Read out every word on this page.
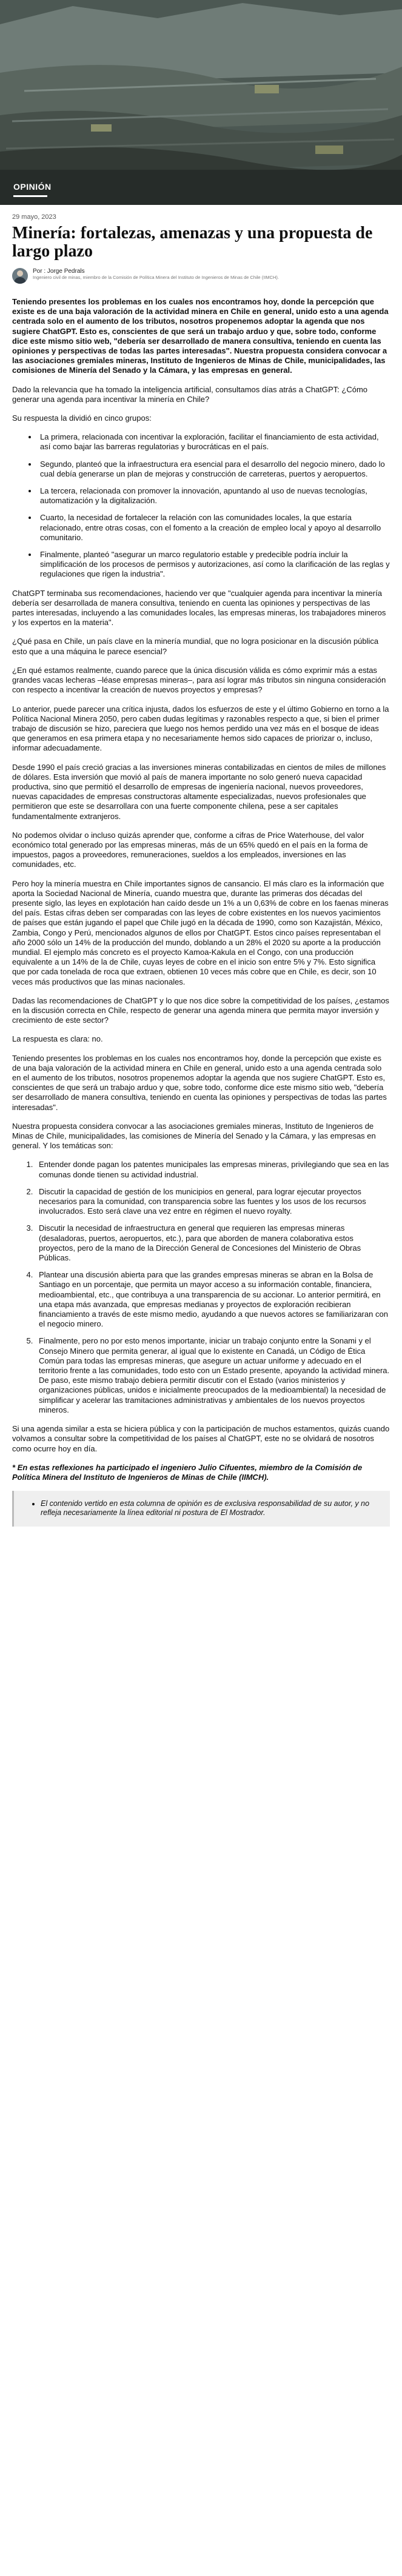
OPINIÓN
29 mayo, 2023
Minería: fortalezas, amenazas y una propuesta de largo plazo
Por : Jorge Pedrals
Ingeniero civil de minas, miembro de la Comisión de Política Minera del Instituto de Ingenieros de Minas de Chile (IIMCH).

Teniendo presentes los problemas en los cuales nos encontramos hoy, donde la percepción que existe es de una baja valoración de la actividad minera en Chile en general, unido esto a una agenda centrada solo en el aumento de los tributos, nosotros propenemos adoptar la agenda que nos sugiere ChatGPT. Esto es, conscientes de que será un trabajo arduo y que, sobre todo, conforme dice este mismo sitio web, "debería ser desarrollado de manera consultiva, teniendo en cuenta las opiniones y perspectivas de todas las partes interesadas". Nuestra propuesta considera convocar a las asociaciones gremiales mineras, Instituto de Ingenieros de Minas de Chile, municipalidades, las comisiones de Minería del Senado y la Cámara, y las empresas en general.

Dado la relevancia que ha tomado la inteligencia artificial, consultamos días atrás a ChatGPT: ¿Cómo generar una agenda para incentivar la minería en Chile?

Su respuesta la dividió en cinco grupos:

• La primera, relacionada con incentivar la exploración, facilitar el financiamiento de esta actividad, así como bajar las barreras regulatorias y burocráticas en el país.
• Segundo, planteó que la infraestructura era esencial para el desarrollo del negocio minero, dado lo cual debía generarse un plan de mejoras y construcción de carreteras, puertos y aeropuertos.
• La tercera, relacionada con promover la innovación, apuntando al uso de nuevas tecnologías, automatización y la digitalización.
• Cuarto, la necesidad de fortalecer la relación con las comunidades locales, la que estaría relacionado, entre otras cosas, con el fomento a la creación de empleo local y apoyo al desarrollo comunitario.
• Finalmente, planteó "asegurar un marco regulatorio estable y predecible podría incluir la simplificación de los procesos de permisos y autorizaciones, así como la clarificación de las reglas y regulaciones que rigen la industria".

ChatGPT terminaba sus recomendaciones, haciendo ver que "cualquier agenda para incentivar la minería debería ser desarrollada de manera consultiva, teniendo en cuenta las opiniones y perspectivas de las partes interesadas, incluyendo a las comunidades locales, las empresas mineras, los trabajadores mineros y los expertos en la materia".

¿Qué pasa en Chile, un país clave en la minería mundial, que no logra posicionar en la discusión pública esto que a una máquina le parece esencial?

¿En qué estamos realmente, cuando parece que la única discusión válida es cómo exprimir más a estas grandes vacas lecheras –léase empresas mineras–, para así lograr más tributos sin ninguna consideración con respecto a incentivar la creación de nuevos proyectos y empresas?

Lo anterior, puede parecer una crítica injusta, dados los esfuerzos de este y el último Gobierno en torno a la Política Nacional Minera 2050, pero caben dudas legítimas y razonables respecto a que, si bien el primer trabajo de discusión se hizo, pareciera que luego nos hemos perdido una vez más en el bosque de ideas que generamos en esa primera etapa y no necesariamente hemos sido capaces de priorizar o, incluso, informar adecuadamente.

Desde 1990 el país creció gracias a las inversiones mineras contabilizadas en cientos de miles de millones de dólares. Esta inversión que movió al país de manera importante no solo generó nueva capacidad productiva, sino que permitió el desarrollo de empresas de ingeniería nacional, nuevos proveedores, nuevas capacidades de empresas constructoras altamente especializadas, nuevos profesionales que permitieron que este se desarrollara con una fuerte componente chilena, pese a ser capitales fundamentalmente extranjeros.

No podemos olvidar o incluso quizás aprender que, conforme a cifras de Price Waterhouse, del valor económico total generado por las empresas mineras, más de un 65% quedó en el país en la forma de impuestos, pagos a proveedores, remuneraciones, sueldos a los empleados, inversiones en las comunidades, etc.

Pero hoy la minería muestra en Chile importantes signos de cansancio. El más claro es la información que aporta la Sociedad Nacional de Minería, cuando muestra que, durante las primeras dos décadas del presente siglo, las leyes en explotación han caído desde un 1% a un 0,63% de cobre en los faenas mineras del país. Estas cifras deben ser comparadas con las leyes de cobre existentes en los nuevos yacimientos de países que están jugando el papel que Chile jugó en la década de 1990, como son Kazajistán, México, Zambia, Congo y Perú, mencionados algunos de ellos por ChatGPT. Estos cinco países representaban el año 2000 sólo un 14% de la producción del mundo, doblando a un 28% el 2020 su aporte a la producción mundial. El ejemplo más concreto es el proyecto Kamoa-Kakula en el Congo, con una producción equivalente a un 14% de la de Chile, cuyas leyes de cobre en el inicio son entre 5% y 7%. Esto significa que por cada tonelada de roca que extraen, obtienen 10 veces más cobre que en Chile, es decir, son 10 veces más productivos que las minas nacionales.

Dadas las recomendaciones de ChatGPT y lo que nos dice sobre la competitividad de los países, ¿estamos en la discusión correcta en Chile, respecto de generar una agenda minera que permita mayor inversión y crecimiento de este sector?

La respuesta es clara: no.

Teniendo presentes los problemas en los cuales nos encontramos hoy, donde la percepción que existe es de una baja valoración de la actividad minera en Chile en general, unido esto a una agenda centrada solo en el aumento de los tributos, nosotros propenemos adoptar la agenda que nos sugiere ChatGPT. Esto es, conscientes de que será un trabajo arduo y que, sobre todo, conforme dice este mismo sitio web, "debería ser desarrollado de manera consultiva, teniendo en cuenta las opiniones y perspectivas de todas las partes interesadas".

Nuestra propuesta considera convocar a las asociaciones gremiales mineras, Instituto de Ingenieros de Minas de Chile, municipalidades, las comisiones de Minería del Senado y la Cámara, y las empresas en general. Y los temáticas son:

1. Entender donde pagan los patentes municipales las empresas mineras, privilegiando que sea en las comunas donde tienen su actividad industrial.
2. Discutir la capacidad de gestión de los municipios en general, para lograr ejecutar proyectos necesarios para la comunidad, con transparencia sobre las fuentes y los usos de los recursos involucrados. Esto será clave una vez entre en régimen el nuevo royalty.
3. Discutir la necesidad de infraestructura en general que requieren las empresas mineras (desaladoras, puertos, aeropuertos, etc.), para que aborden de manera colaborativa estos proyectos, pero de la mano de la Dirección General de Concesiones del Ministerio de Obras Públicas.
4. Plantear una discusión abierta para que las grandes empresas mineras se abran en la Bolsa de Santiago en un porcentaje, que permita un mayor acceso a su información contable, financiera, medioambiental, etc., que contribuya a una transparencia de su accionar. Lo anterior permitirá, en una etapa más avanzada, que empresas medianas y proyectos de exploración recibieran financiamiento a través de este mismo medio, ayudando a que nuevos actores se familiarizaran con el negocio minero.
5. Finalmente, pero no por esto menos importante, iniciar un trabajo conjunto entre la Sonami y el Consejo Minero que permita generar, al igual que lo existente en Canadá, un Código de Ética Común para todas las empresas mineras, que asegure un actuar uniforme y adecuado en el territorio frente a las comunidades, todo esto con un Estado presente, apoyando la actividad minera. De paso, este mismo trabajo debiera permitir discutir con el Estado (varios ministerios y organizaciones públicas, unidos e inicialmente preocupados de la medioambiental) la necesidad de simplificar y acelerar las tramitaciones administrativas y ambientales de los nuevos proyectos mineros.

Si una agenda similar a esta se hiciera pública y con la participación de muchos estamentos, quizás cuando volvamos a consultar sobre la competitividad de los países al ChatGPT, este no se olvidará de nosotros como ocurre hoy en día.

* En estas reflexiones ha participado el ingeniero Julio Cifuentes, miembro de la Comisión de Política Minera del Instituto de Ingenieros de Minas de Chile (IIMCH).
• El contenido vertido en esta columna de opinión es de exclusiva responsabilidad de su autor, y no refleja necesariamente la línea editorial ni postura de El Mostrador.
